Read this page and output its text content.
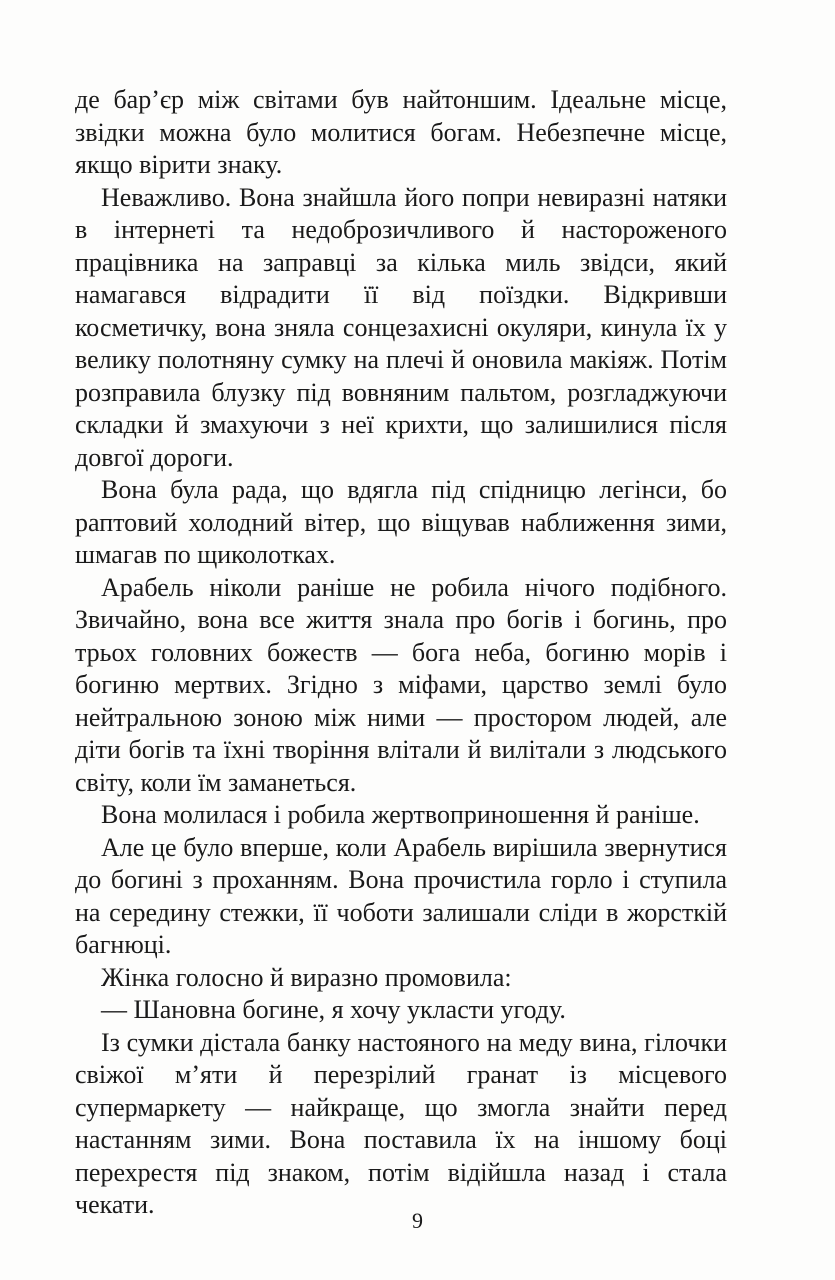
де бар’єр між світами був найтоншим. Ідеальне місце, звідки можна було молитися богам. Небезпечне місце, якщо вірити знаку.

Неважливо. Вона знайшла його попри невиразні натяки в інтернеті та недоброзичливого й настороженого працівника на заправці за кілька миль звідси, який намагався відрадити її від поїздки. Відкривши косметичку, вона зняла сонцезахисні окуляри, кинула їх у велику полотняну сумку на плечі й оновила макіяж. Потім розправила блузку під вовняним пальтом, розгладжуючи складки й змахуючи з неї крихти, що залишилися після довгої дороги.

Вона була рада, що вдягла під спідницю легінси, бо раптовий холодний вітер, що віщував наближення зими, шмагав по щиколотках.

Арабель ніколи раніше не робила нічого подібного. Звичайно, вона все життя знала про богів і богинь, про трьох головних божеств — бога неба, богиню морів і богиню мертвих. Згідно з міфами, царство землі було нейтральною зоною між ними — простором людей, але діти богів та їхні творіння влітали й вилітали з людського світу, коли їм заманеться.

Вона молилася і робила жертвоприношення й раніше.

Але це було вперше, коли Арабель вирішила звернутися до богині з проханням. Вона прочистила горло і ступила на середину стежки, її чоботи залишали сліди в жорсткій багнюці.

Жінка голосно й виразно промовила:

— Шановна богине, я хочу укласти угоду.

Із сумки дістала банку настояного на меду вина, гілочки свіжої м’яти й перезрілий гранат із місцевого супермаркету — найкраще, що змогла знайти перед настанням зими. Вона поставила їх на іншому боці перехрестя під знаком, потім відійшла назад і стала чекати.

9
